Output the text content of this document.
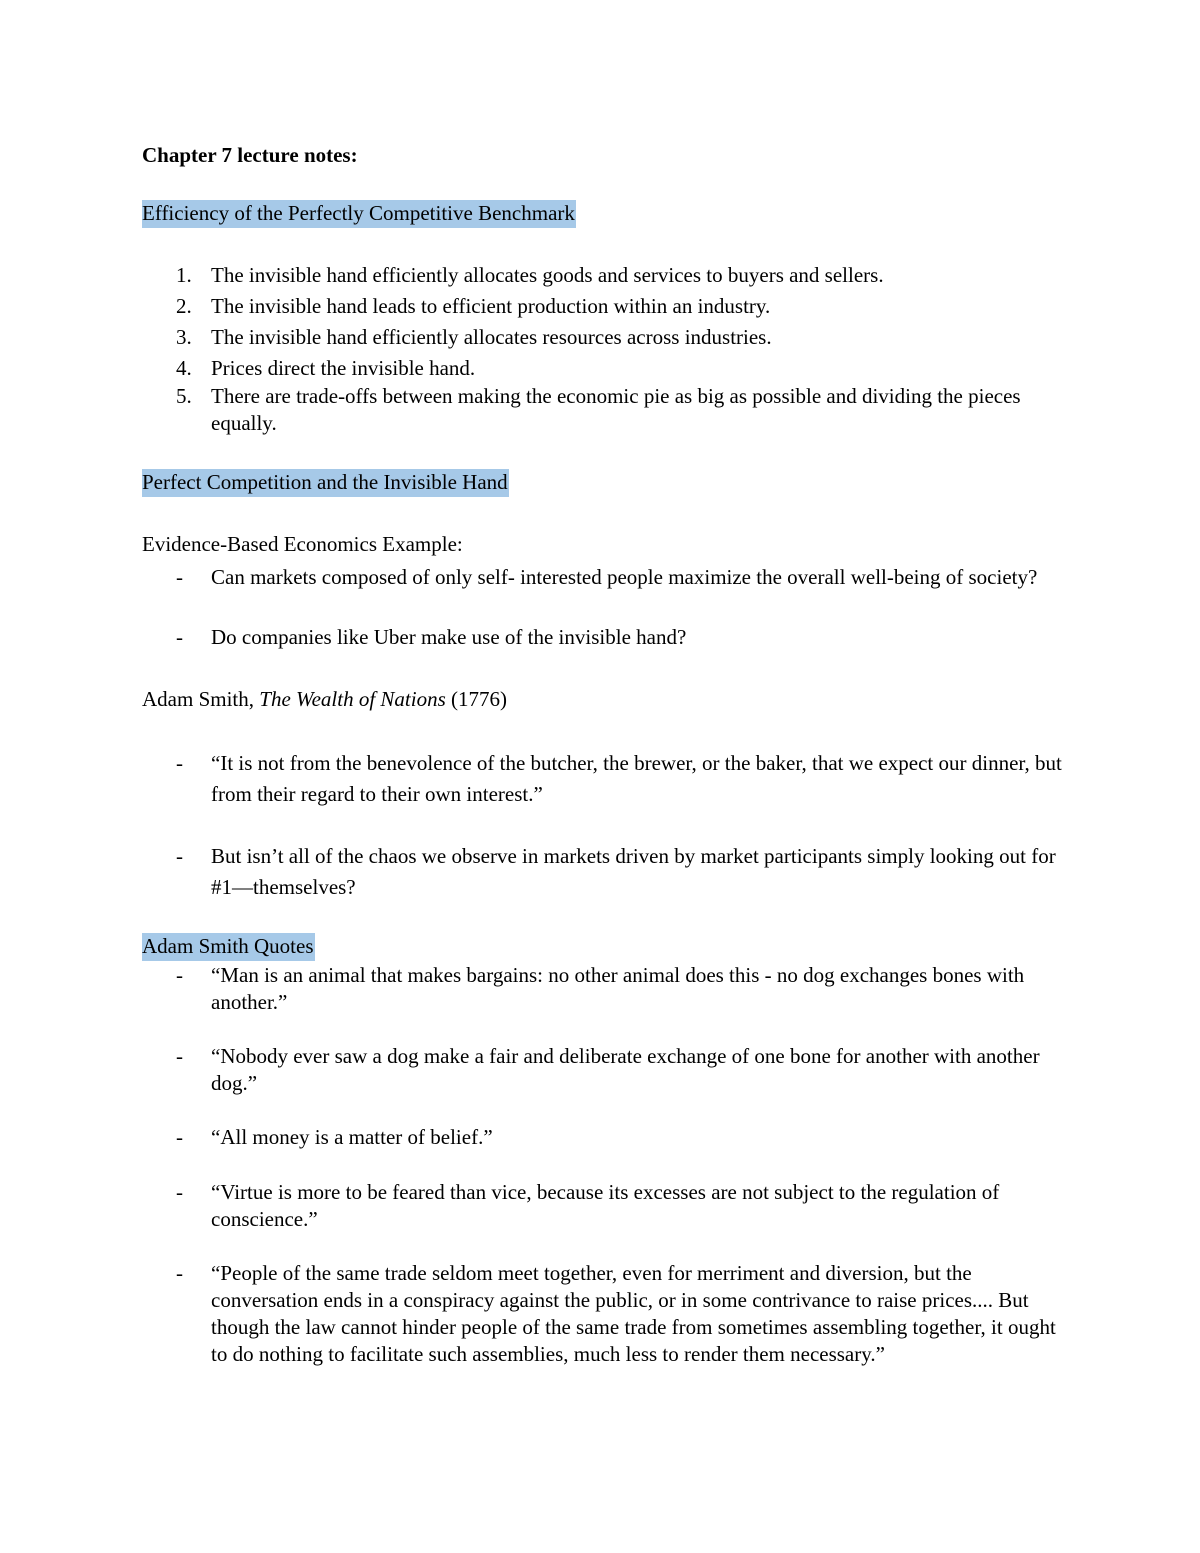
Chapter 7 lecture notes:

Efficiency of the Perfectly Competitive Benchmark

1. The invisible hand efficiently allocates goods and services to buyers and sellers.
2. The invisible hand leads to efficient production within an industry.
3. The invisible hand efficiently allocates resources across industries.
4. Prices direct the invisible hand.
5. There are trade-offs between making the economic pie as big as possible and dividing the pieces equally.

Perfect Competition and the Invisible Hand

Evidence-Based Economics Example:

- Can markets composed of only self- interested people maximize the overall well-being of society?
- Do companies like Uber make use of the invisible hand?

Adam Smith, The Wealth of Nations (1776)

- “It is not from the benevolence of the butcher, the brewer, or the baker, that we expect our dinner, but from their regard to their own interest.”
- But isn’t all of the chaos we observe in markets driven by market participants simply looking out for #1—themselves?

Adam Smith Quotes

- “Man is an animal that makes bargains: no other animal does this - no dog exchanges bones with another.”
- “Nobody ever saw a dog make a fair and deliberate exchange of one bone for another with another dog.”
- “All money is a matter of belief.”
- “Virtue is more to be feared than vice, because its excesses are not subject to the regulation of conscience.”
- “People of the same trade seldom meet together, even for merriment and diversion, but the conversation ends in a conspiracy against the public, or in some contrivance to raise prices.... But though the law cannot hinder people of the same trade from sometimes assembling together, it ought to do nothing to facilitate such assemblies, much less to render them necessary.”
